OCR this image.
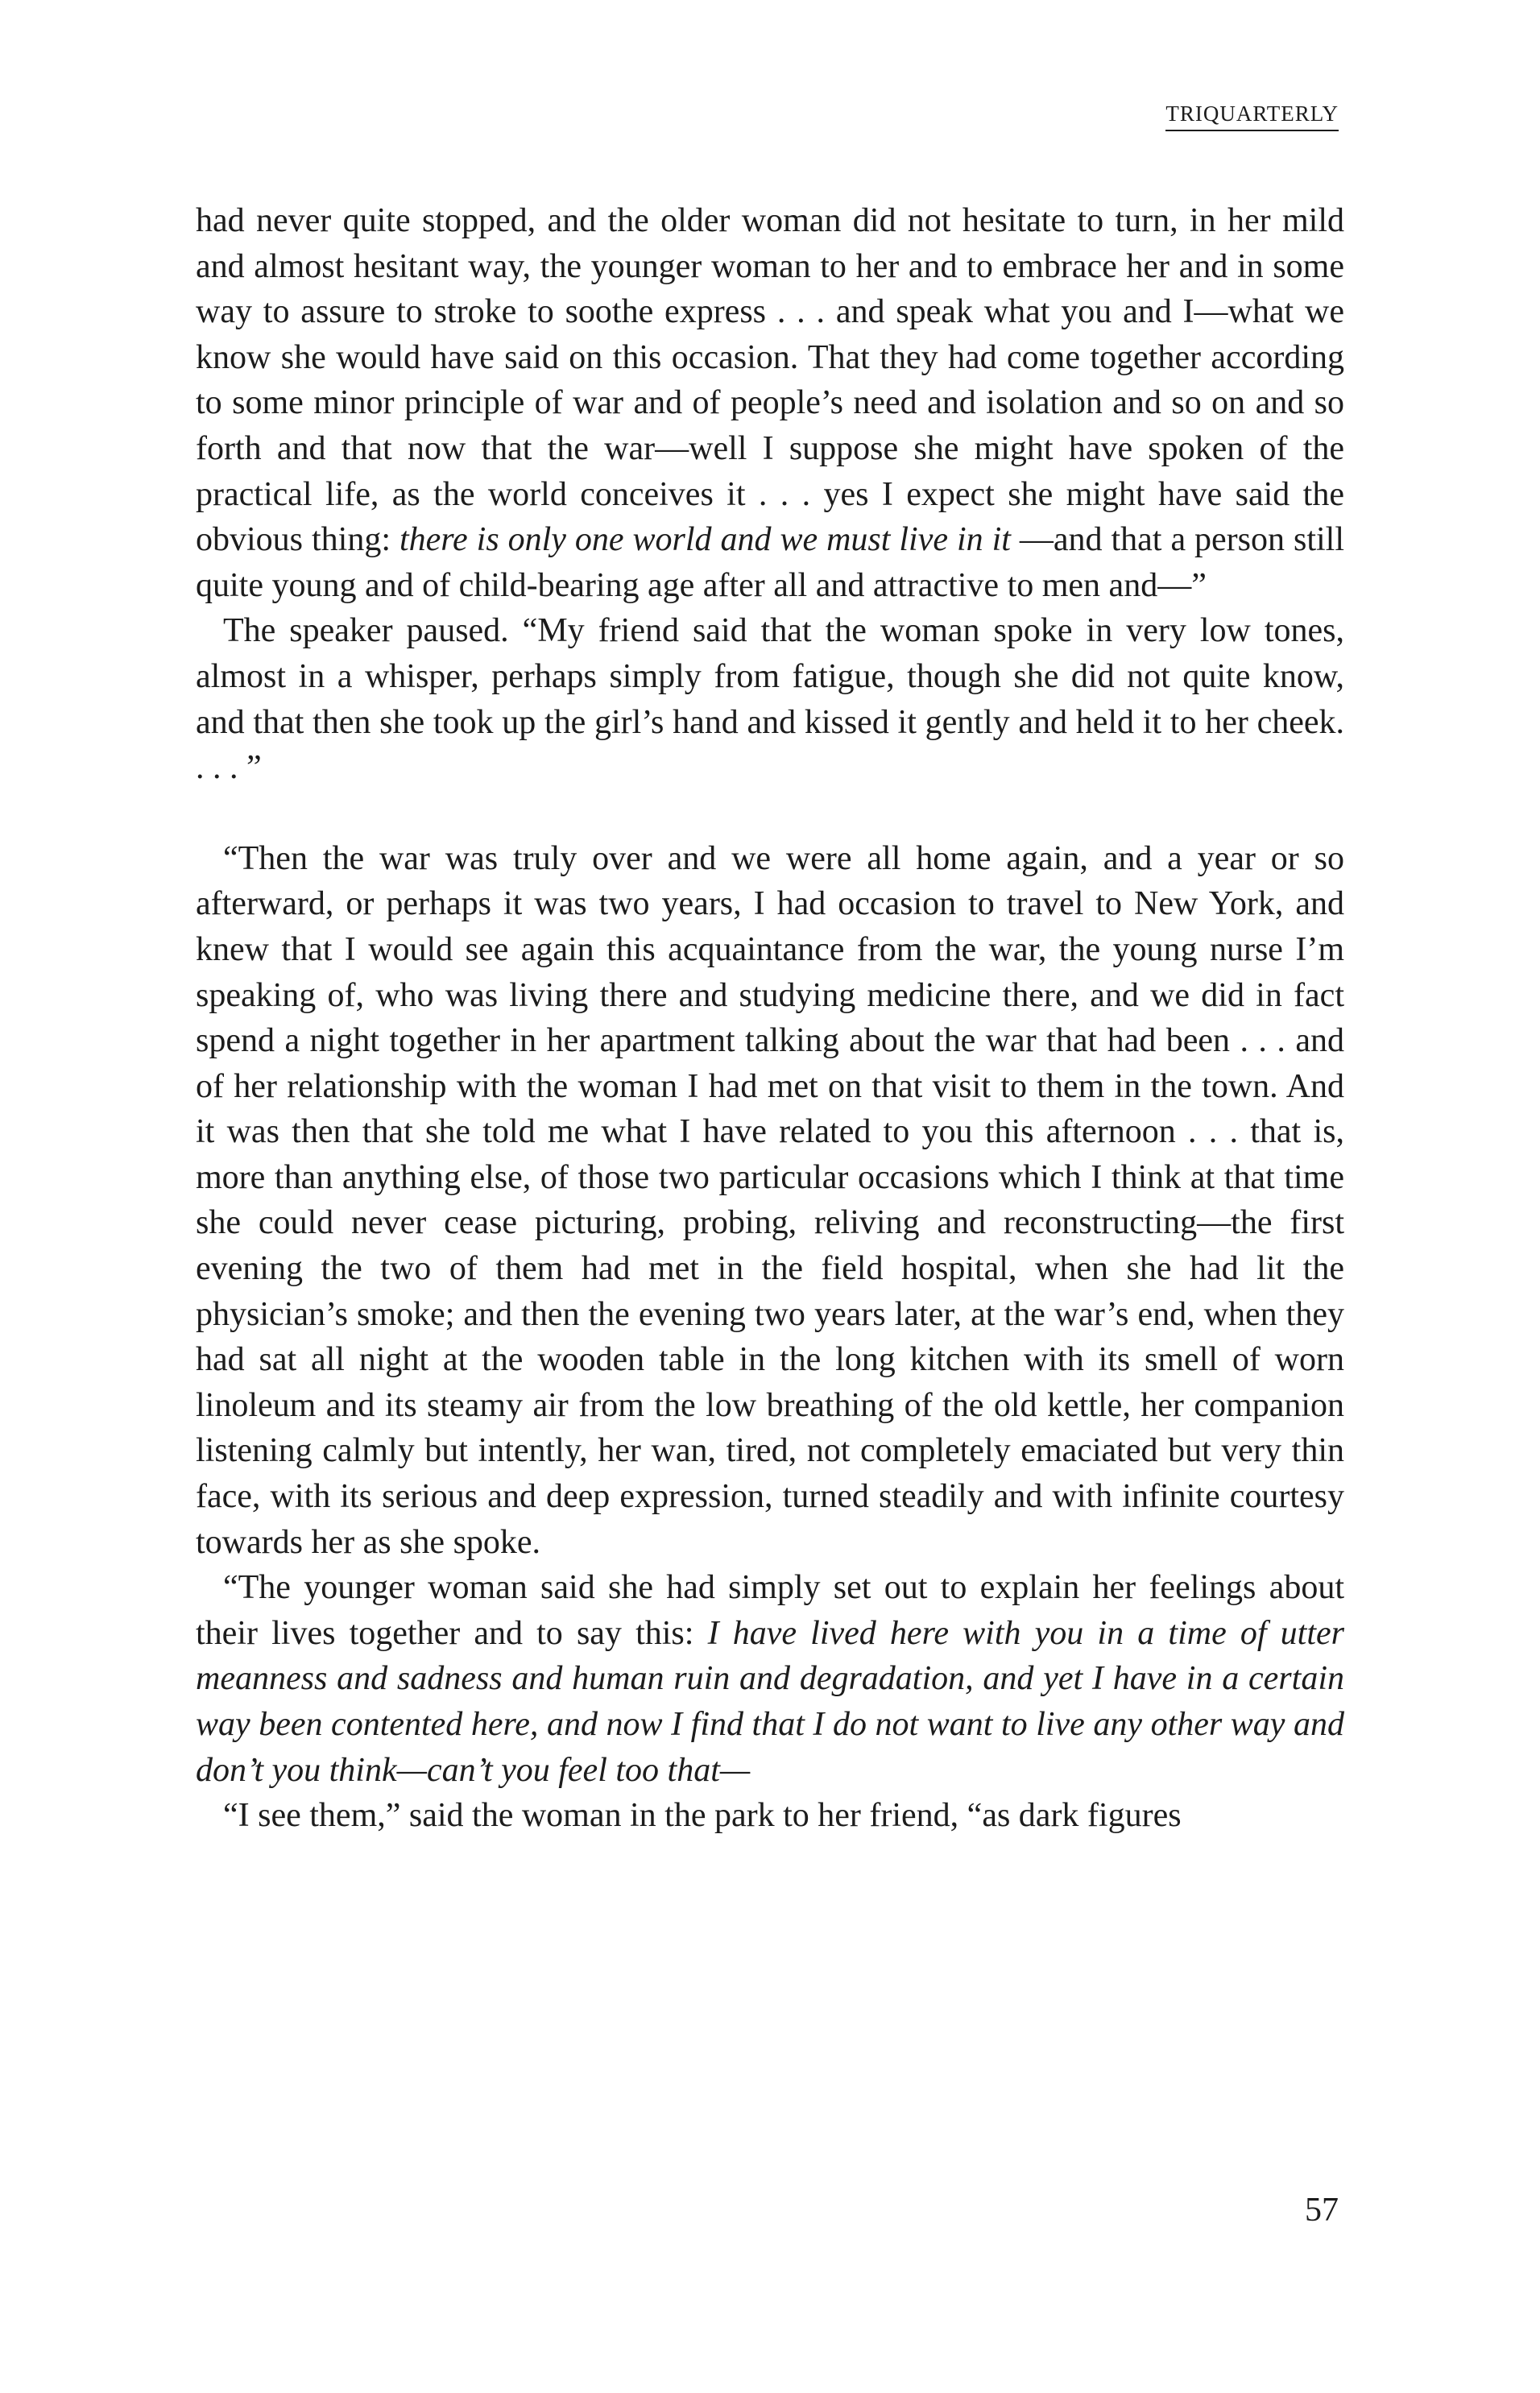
TRIQUARTERLY

had never quite stopped, and the older woman did not hesitate to turn, in her mild and almost hesitant way, the younger woman to her and to embrace her and in some way to assure to stroke to soothe express . . . and speak what you and I—what we know she would have said on this occasion. That they had come together according to some minor principle of war and of people’s need and isolation and so on and so forth and that now that the war—well I suppose she might have spoken of the practical life, as the world conceives it . . . yes I expect she might have said the obvious thing: there is only one world and we must live in it —and that a person still quite young and of child-bearing age after all and attractive to men and—”

The speaker paused. “My friend said that the woman spoke in very low tones, almost in a whisper, perhaps simply from fatigue, though she did not quite know, and that then she took up the girl’s hand and kissed it gently and held it to her cheek. . . . ”

“Then the war was truly over and we were all home again, and a year or so afterward, or perhaps it was two years, I had occasion to travel to New York, and knew that I would see again this acquaintance from the war, the young nurse I’m speaking of, who was living there and studying medicine there, and we did in fact spend a night together in her apartment talking about the war that had been . . . and of her relationship with the woman I had met on that visit to them in the town. And it was then that she told me what I have related to you this afternoon . . . that is, more than anything else, of those two particular occasions which I think at that time she could never cease picturing, probing, reliving and reconstructing—the first evening the two of them had met in the field hospital, when she had lit the physician’s smoke; and then the evening two years later, at the war’s end, when they had sat all night at the wooden table in the long kitchen with its smell of worn linoleum and its steamy air from the low breathing of the old kettle, her companion listening calmly but intently, her wan, tired, not completely emaciated but very thin face, with its serious and deep expression, turned steadily and with infinite courtesy towards her as she spoke.

“The younger woman said she had simply set out to explain her feelings about their lives together and to say this: I have lived here with you in a time of utter meanness and sadness and human ruin and degradation, and yet I have in a certain way been contented here, and now I find that I do not want to live any other way and don’t you think—can’t you feel too that—

“I see them,” said the woman in the park to her friend, “as dark figures

57
